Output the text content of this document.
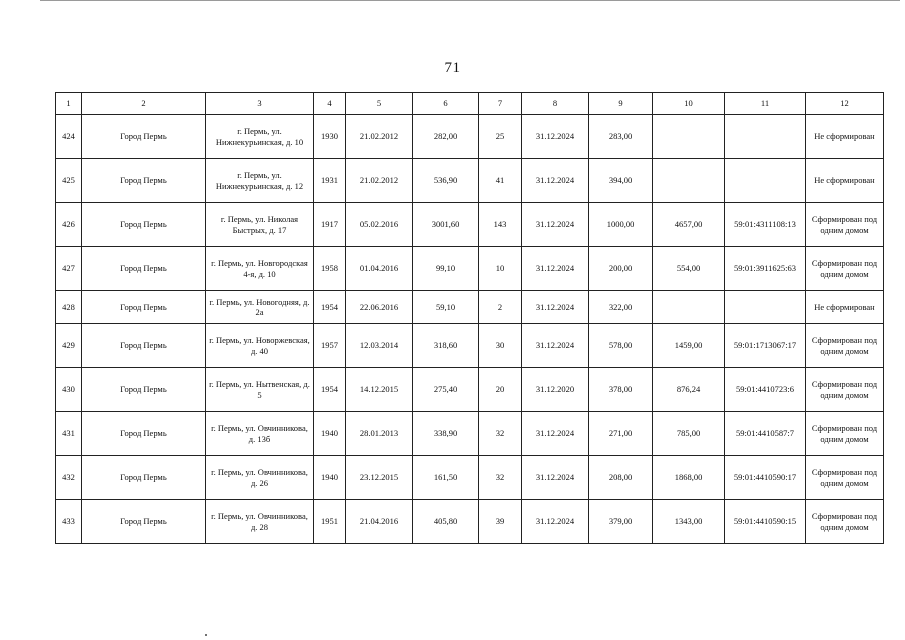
71
1	2	3	4	5	6	7	8	9	10	11	12
424	Город Пермь	г. Пермь, ул. Нижнекурьинская, д. 10	1930	21.02.2012	282,00	25	31.12.2024	283,00			Не сформирован
425	Город Пермь	г. Пермь, ул. Нижнекурьинская, д. 12	1931	21.02.2012	536,90	41	31.12.2024	394,00			Не сформирован
426	Город Пермь	г. Пермь, ул. Николая Быстрых, д. 17	1917	05.02.2016	3001,60	143	31.12.2024	1000,00	4657,00	59:01:4311108:13	Сформирован под одним домом
427	Город Пермь	г. Пермь, ул. Новгородская 4-я, д. 10	1958	01.04.2016	99,10	10	31.12.2024	200,00	554,00	59:01:3911625:63	Сформирован под одним домом
428	Город Пермь	г. Пермь, ул. Новогодняя, д. 2а	1954	22.06.2016	59,10	2	31.12.2024	322,00			Не сформирован
429	Город Пермь	г. Пермь, ул. Новоржевская, д. 40	1957	12.03.2014	318,60	30	31.12.2024	578,00	1459,00	59:01:1713067:17	Сформирован под одним домом
430	Город Пермь	г. Пермь, ул. Нытвенская, д. 5	1954	14.12.2015	275,40	20	31.12.2020	378,00	876,24	59:01:4410723:6	Сформирован под одним домом
431	Город Пермь	г. Пермь, ул. Овчинникова, д. 13б	1940	28.01.2013	338,90	32	31.12.2024	271,00	785,00	59:01:4410587:7	Сформирован под одним домом
432	Город Пермь	г. Пермь, ул. Овчинникова, д. 26	1940	23.12.2015	161,50	32	31.12.2024	208,00	1868,00	59:01:4410590:17	Сформирован под одним домом
433	Город Пермь	г. Пермь, ул. Овчинникова, д. 28	1951	21.04.2016	405,80	39	31.12.2024	379,00	1343,00	59:01:4410590:15	Сформирован под одним домом
